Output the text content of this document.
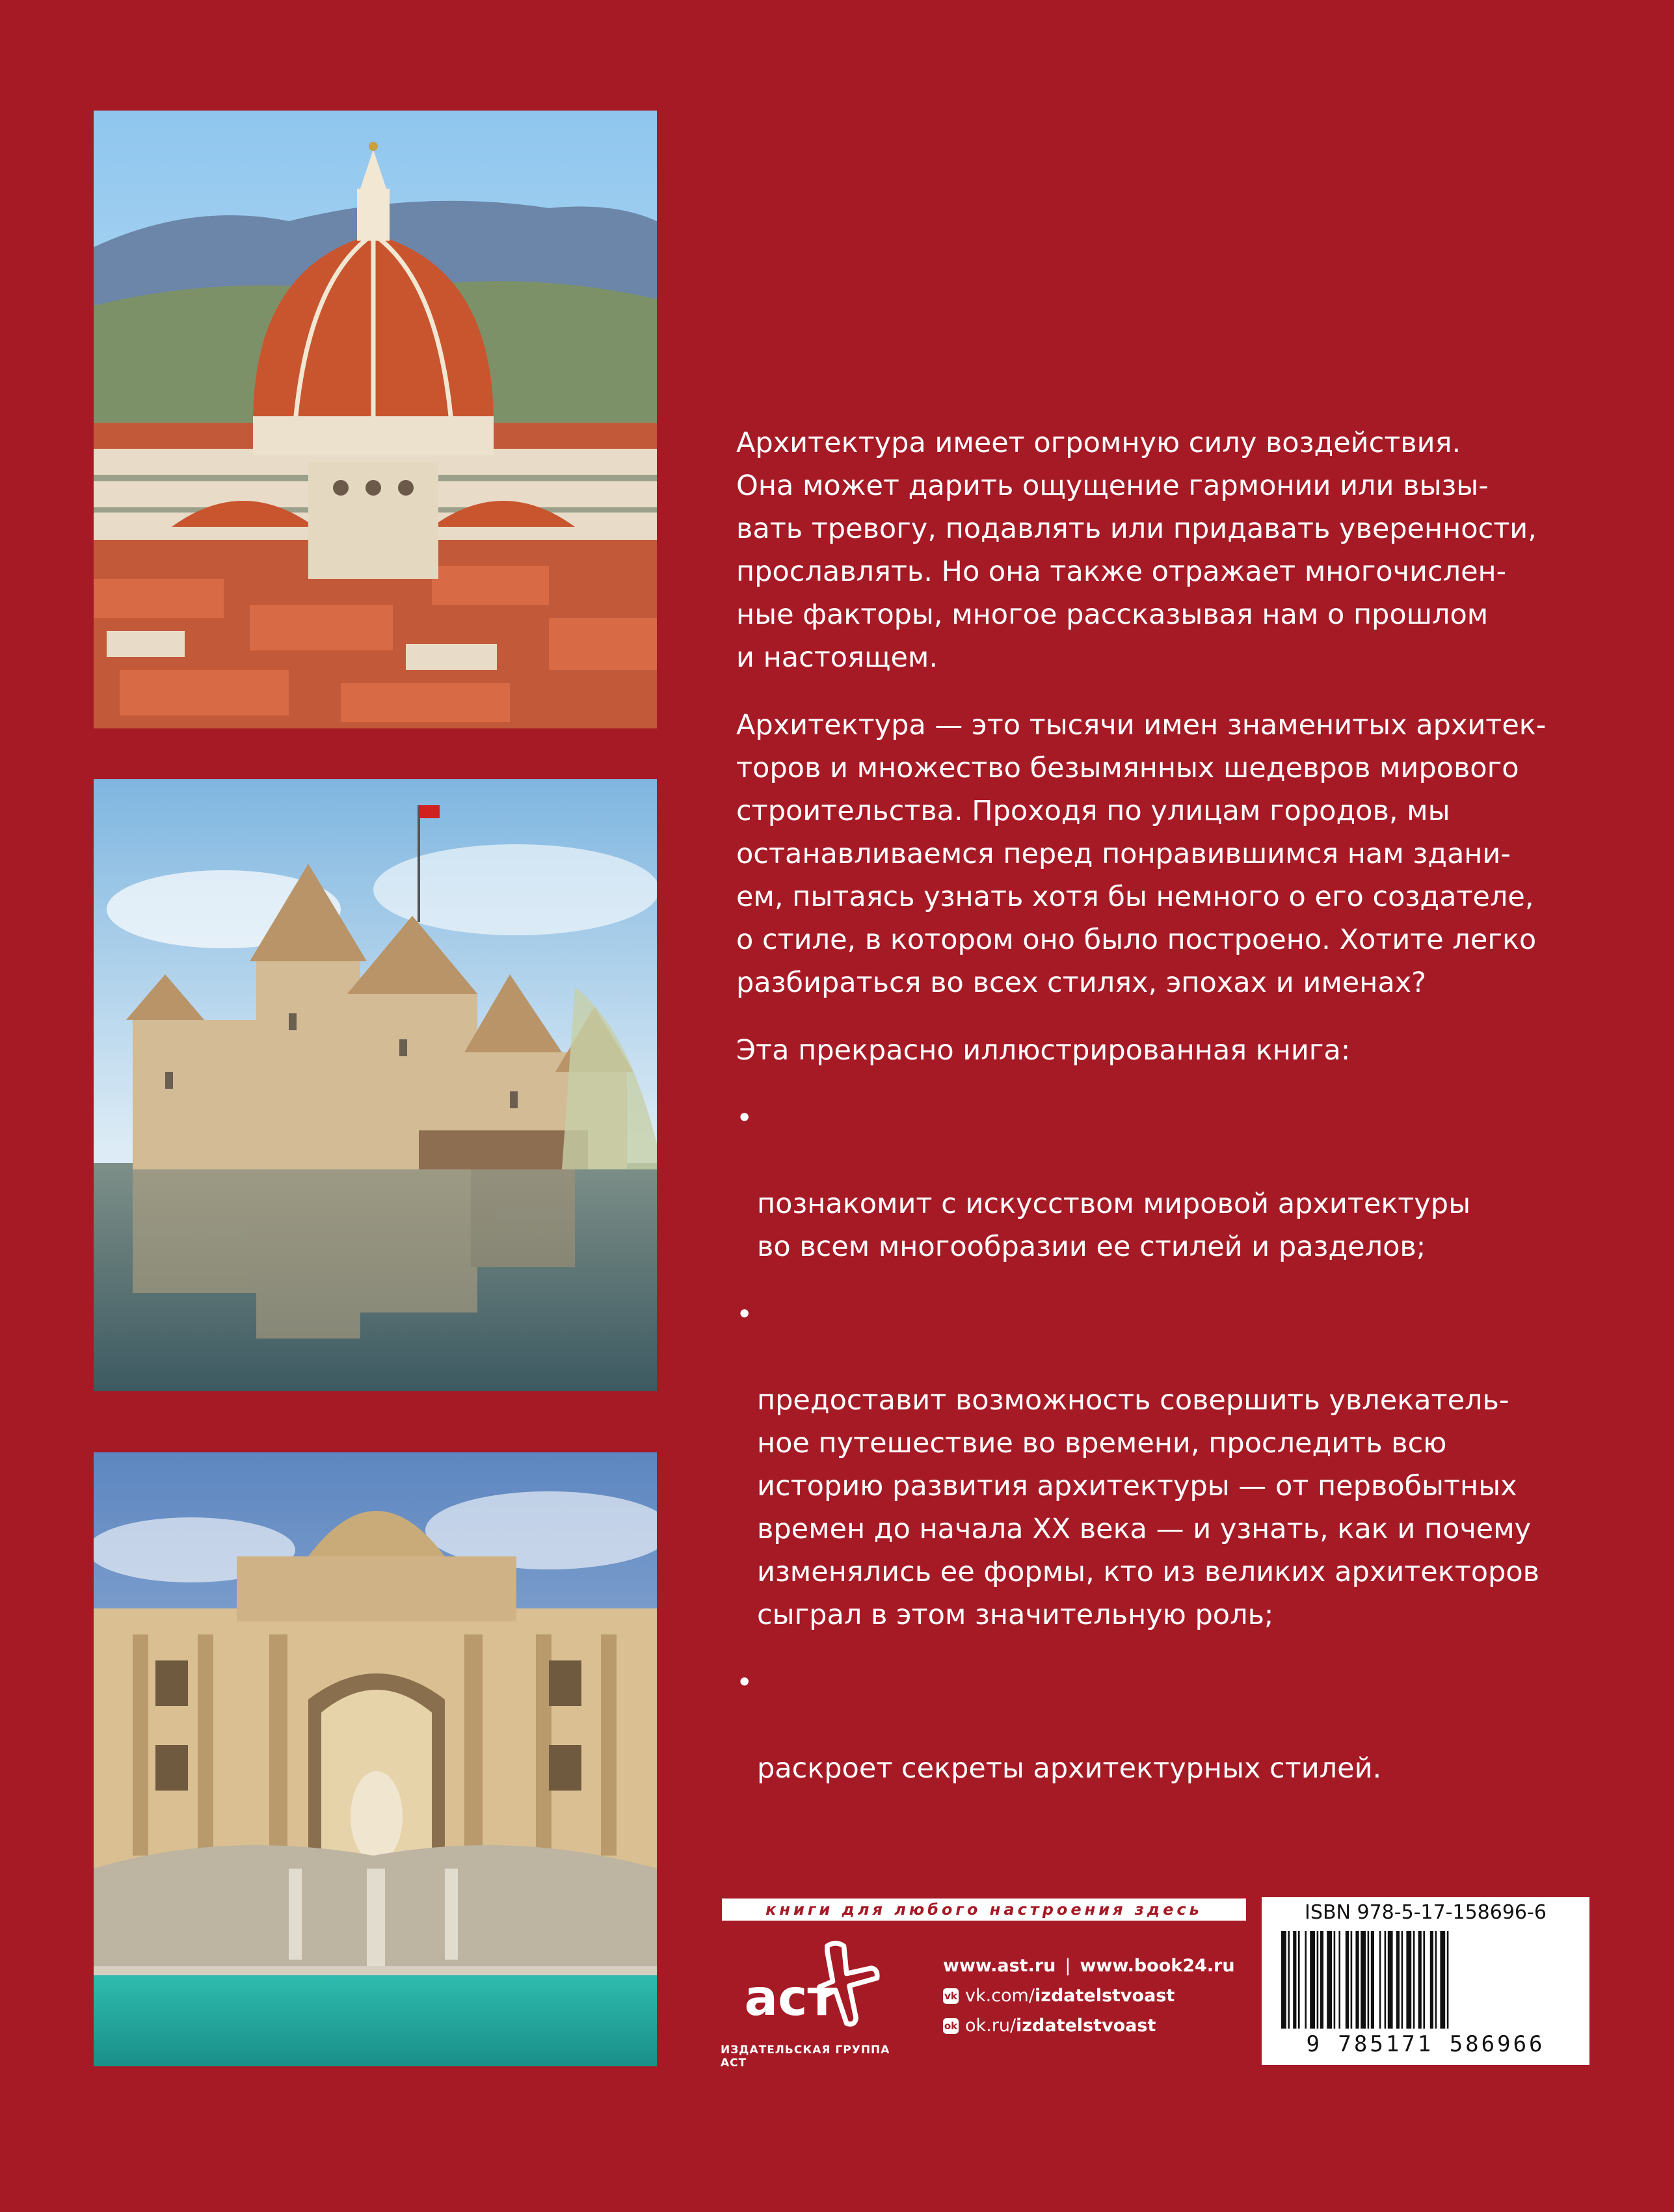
Архитектура имеет огромную силу воздействия.
Она может дарить ощущение гармонии или вызы-
вать тревогу, подавлять или придавать уверенности,
прославлять. Но она также отражает многочислен-
ные факторы, многое рассказывая нам о прошлом
и настоящем.

Архитектура — это тысячи имен знаменитых архитек-
торов и множество безымянных шедевров мирового
строительства. Проходя по улицам городов, мы
останавливаемся перед понравившимся нам здани-
ем, пытаясь узнать хотя бы немного о его создателе,
о стиле, в котором оно было построено. Хотите легко
разбираться во всех стилях, эпохах и именах?

Эта прекрасно иллюстрированная книга:

•

познакомит с искусством мировой архитектуры
во всем многообразии ее стилей и разделов;

•

предоставит возможность совершить увлекатель-
ное путешествие во времени, проследить всю
историю развития архитектуры — от первобытных
времен до начала XX века — и узнать, как и почему
изменялись ее формы, кто из великих архитекторов
сыграл в этом значительную роль;

•

раскроет секреты архитектурных стилей.

книги для любого настроения здесь
аст
ИЗДАТЕЛЬСКАЯ ГРУППА АСТ
www.ast.ru | www.book24.ru
vk vk.com/ izdatelstvoast
ok ok.ru/ izdatelstvoast
ISBN 978-5-17-158696-6
9 785171 586966
